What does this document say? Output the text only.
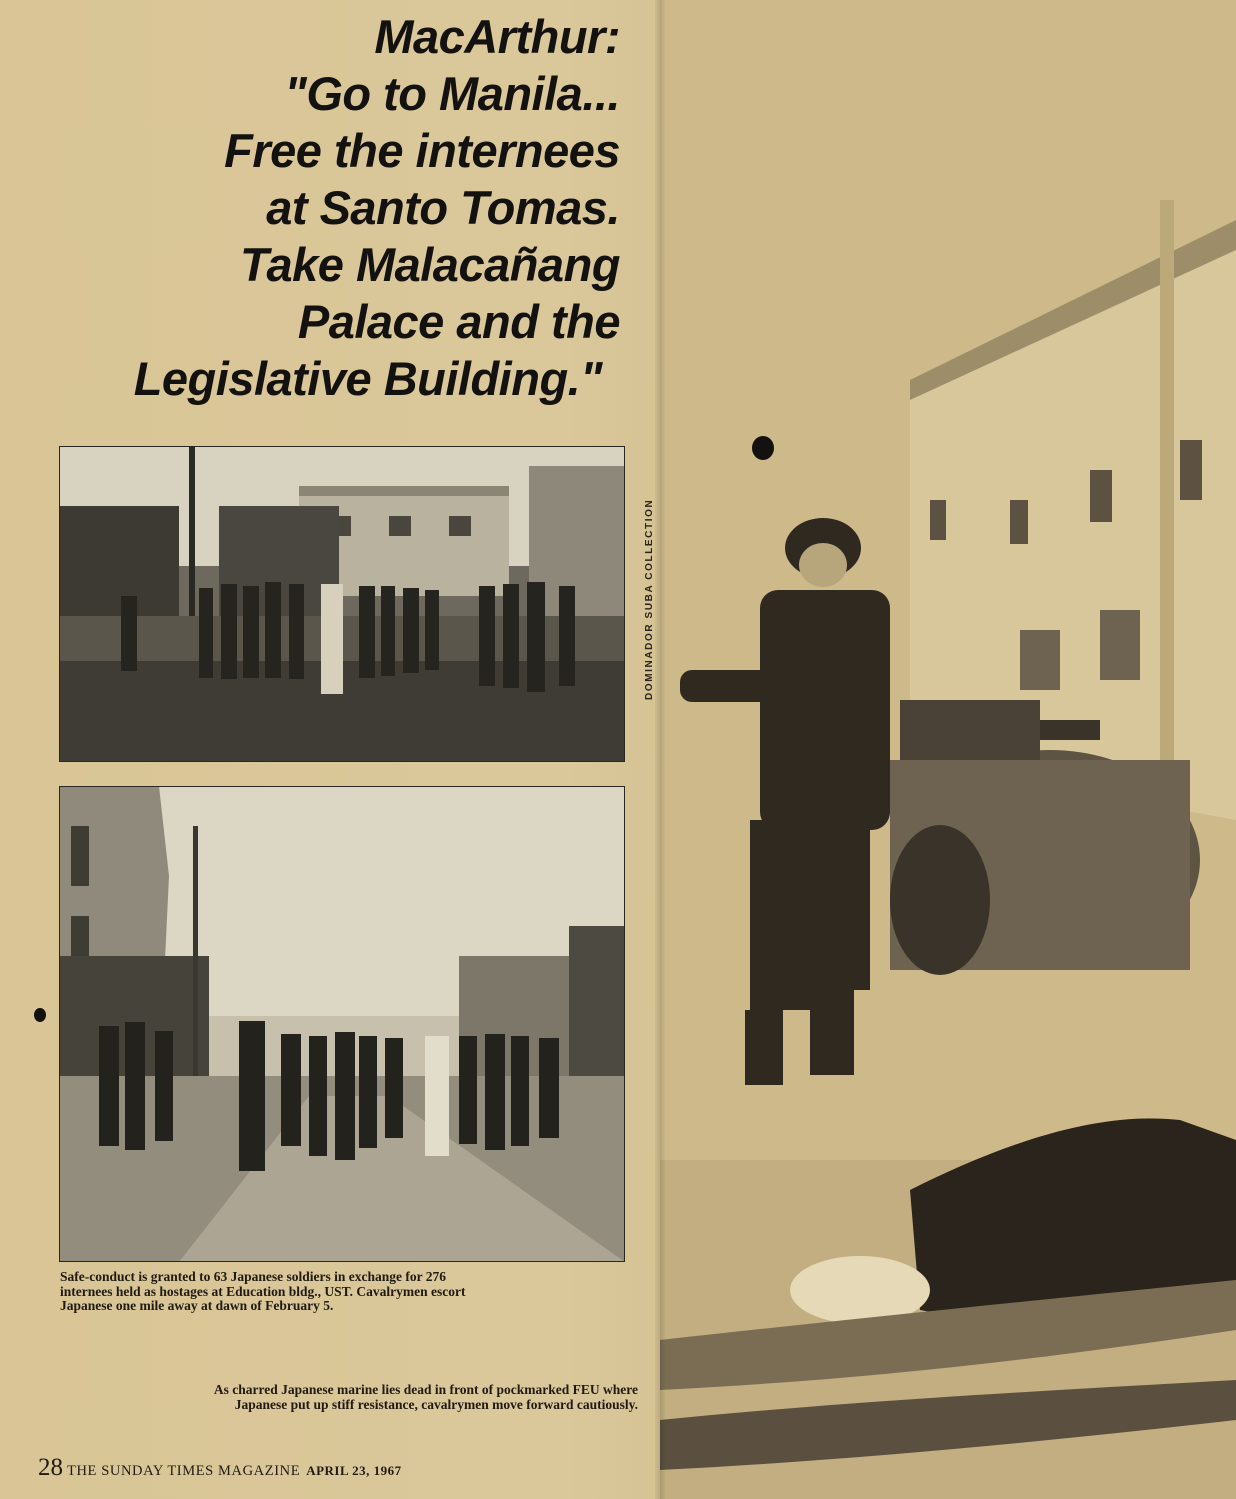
MacArthur:
"Go to Manila...
Free the internees
at Santo Tomas.
Take Malacañang
Palace and the
Legislative Building."
DOMINADOR SUBA COLLECTION

Safe-conduct is granted to 63 Japanese soldiers in exchange for 276 internees held as hostages at Education bldg., UST. Cavalrymen escort Japanese one mile away at dawn of February 5.

As charred Japanese marine lies dead in front of pockmarked FEU where Japanese put up stiff resistance, cavalrymen move forward cautiously.

28 THE SUNDAY TIMES MAGAZINE APRIL 23, 1967
